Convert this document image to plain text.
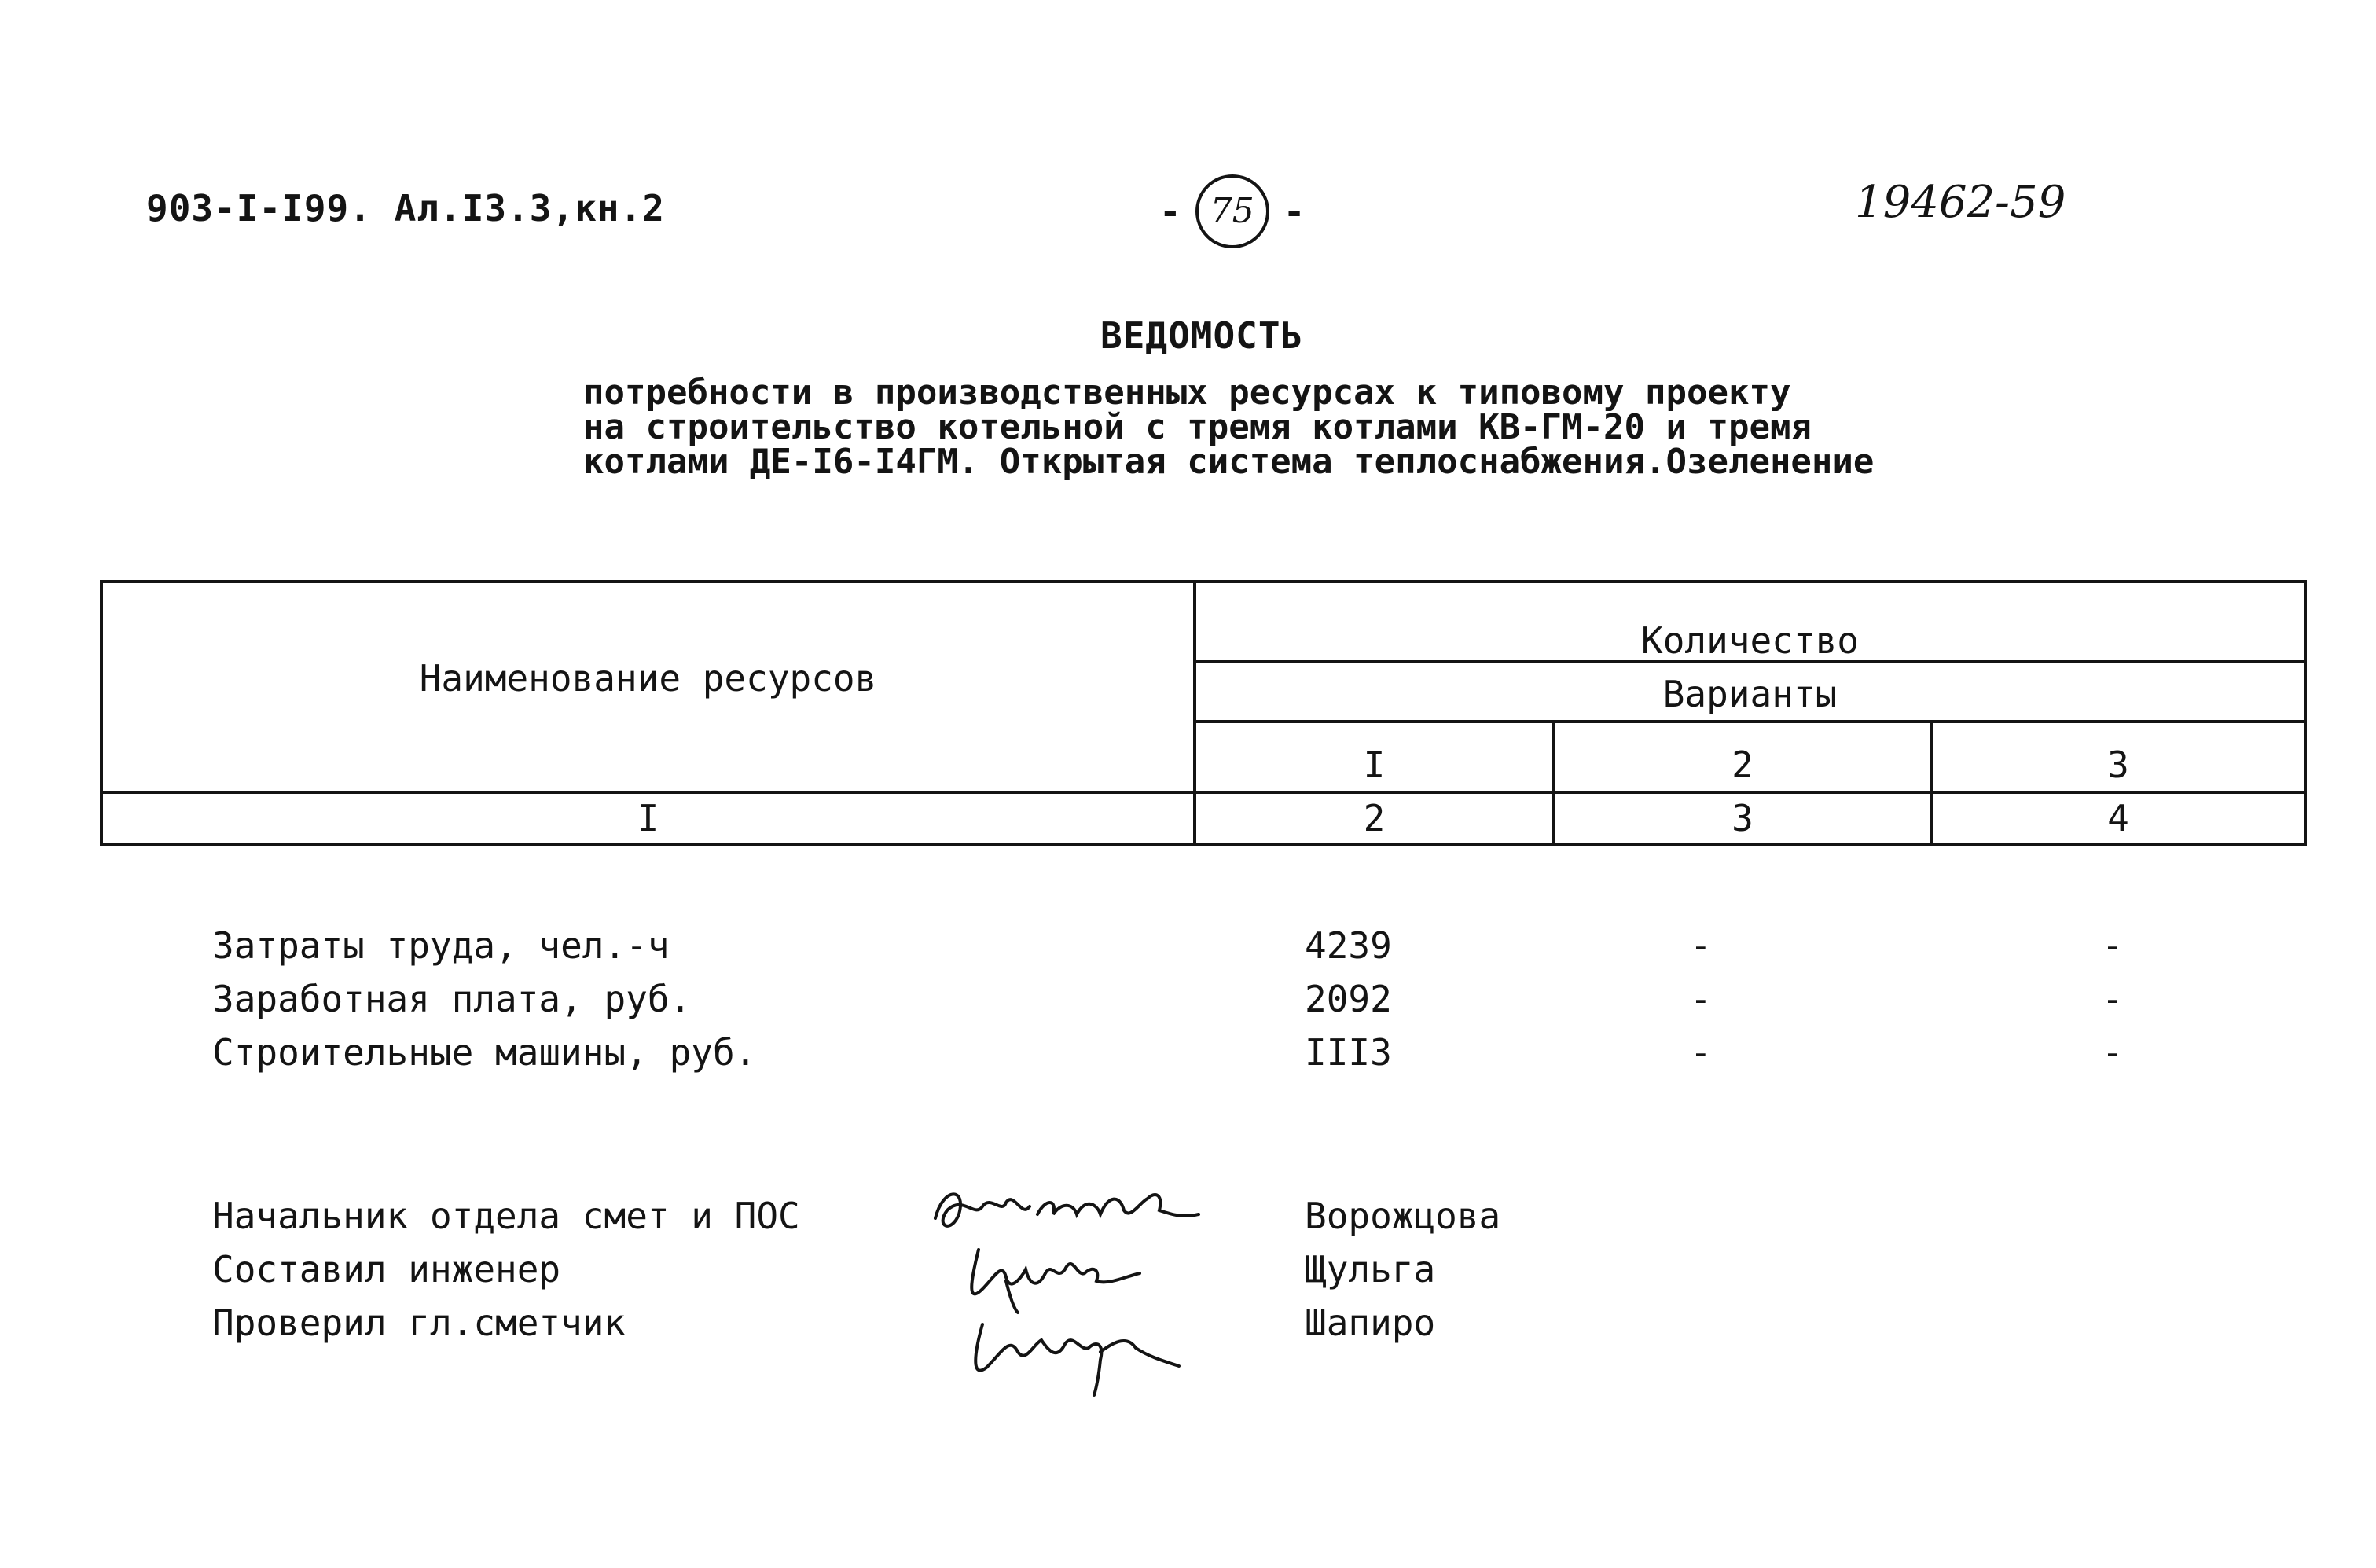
903-I-I99. Ал.I3.3,кн.2	- 75 -	19462-59
ВЕДОМОСТЬ
потребности в производственных ресурсах к типовому проекту
на строительство котельной с тремя котлами КВ-ГМ-20 и тремя
котлами ДЕ-I6-I4ГМ. Открытая система теплоснабжения.Озеленение
Наименование ресурсов
Количество
Варианты
I	2	3
I	2	3	4
Затраты труда, чел.-ч	4239	-	-
Заработная плата, руб.	2092	-	-
Строительные машины, руб.	III3	-	-
Начальник отдела смет и ПОС	Ворожцова
Составил инженер	Щульга
Проверил гл.сметчик	Шапиро
